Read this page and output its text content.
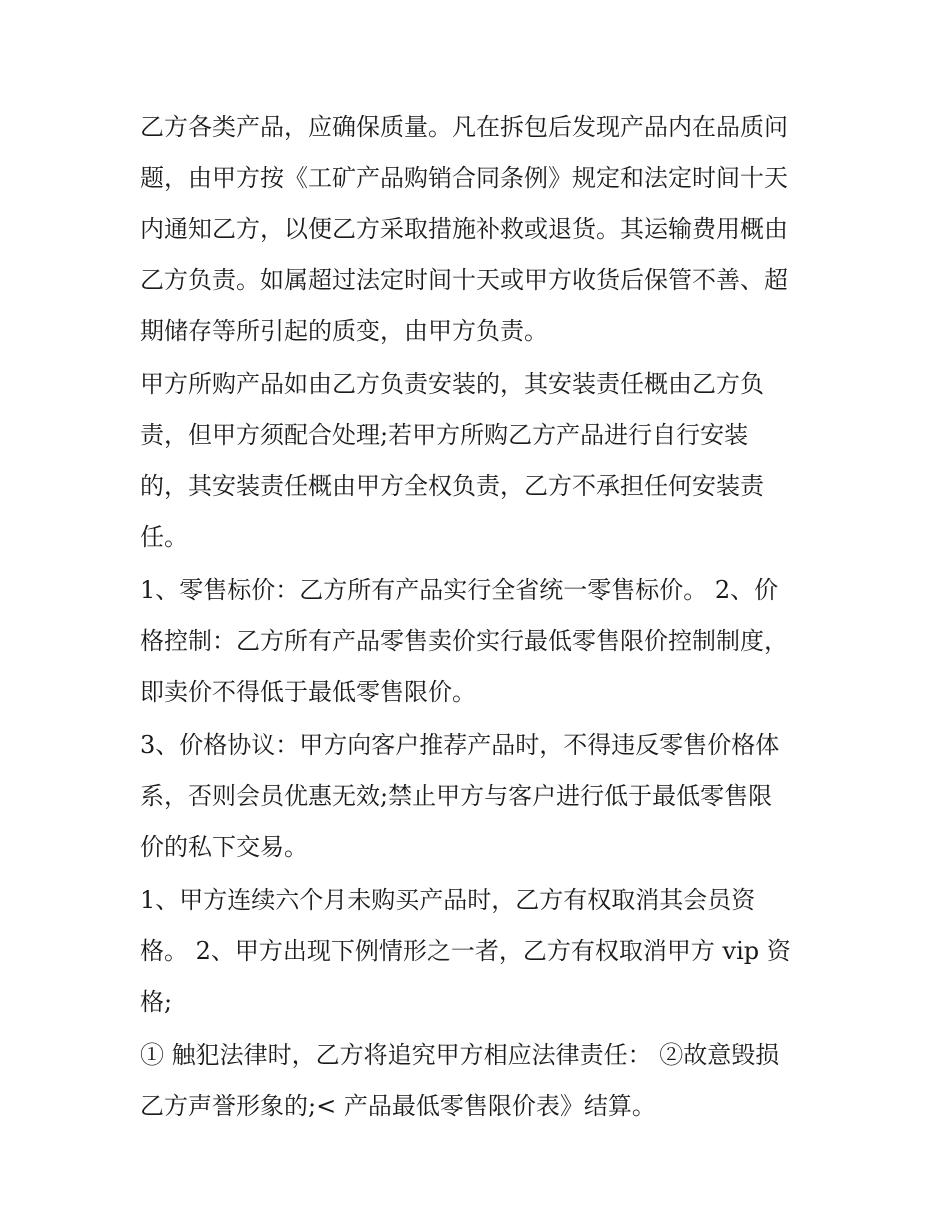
乙方各类产品，应确保质量。凡在拆包后发现产品内在品质问
题，由甲方按《工矿产品购销合同条例》规定和法定时间十天
内通知乙方，以便乙方采取措施补救或退货。其运输费用概由
乙方负责。如属超过法定时间十天或甲方收货后保管不善、超
期储存等所引起的质变，由甲方负责。

甲方所购产品如由乙方负责安装的，其安装责任概由乙方负
责，但甲方须配合处理;若甲方所购乙方产品进行自行安装
的，其安装责任概由甲方全权负责，乙方不承担任何安装责
任。

1、零售标价：乙方所有产品实行全省统一零售标价。 2、价
格控制：乙方所有产品零售卖价实行最低零售限价控制制度，
即卖价不得低于最低零售限价。

3、价格协议：甲方向客户推荐产品时，不得违反零售价格体
系，否则会员优惠无效;禁止甲方与客户进行低于最低零售限
价的私下交易。

1、甲方连续六个月未购买产品时，乙方有权取消其会员资
格。 2、甲方出现下例情形之一者，乙方有权取消甲方 vip 资
格;

① 触犯法律时，乙方将追究甲方相应法律责任： ②故意毁损
乙方声誉形象的;< 产品最低零售限价表》结算。
